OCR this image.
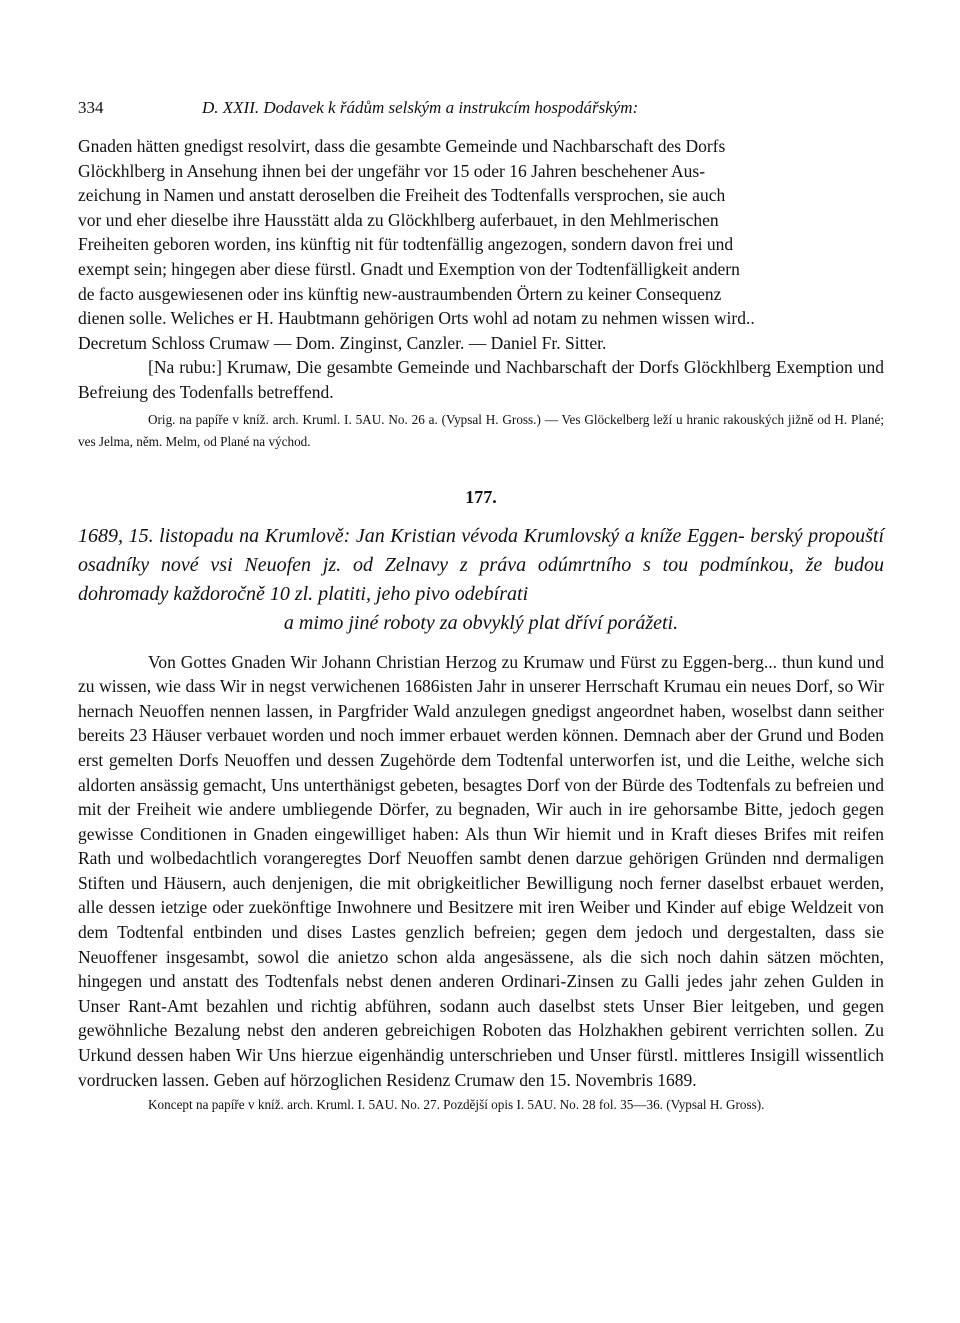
334	D. XXII. Dodavek k řádům selským a instrukcím hospodářským:

Gnaden hätten gnedigst resolvirt, dass die gesambte Gemeinde und Nachbarschaft des Dorfs

Glöckhlberg in Ansehung ihnen bei der ungefähr vor 15 oder 16 Jahren beschehener Aus-

zeichung in Namen und anstatt deroselben die Freiheit des Todtenfalls versprochen, sie auch

vor und eher dieselbe ihre Hausstätt alda zu Glöckhlberg auferbauet, in den Mehlmerischen

Freiheiten geboren worden, ins künftig nit für todtenfällig angezogen, sondern davon frei und

exempt sein; hingegen aber diese fürstl. Gnadt und Exemption von der Todtenfälligkeit andern

de facto ausgewiesenen oder ins künftig new-austraumbenden Örtern zu keiner Consequenz

dienen solle. Weliches er H. Haubtmann gehörigen Orts wohl ad notam zu nehmen wissen wird..

Decretum Schloss Crumaw — Dom. Zinginst, Canzler. — Daniel Fr. Sitter.

[Na rubu:] Krumaw, Die gesambte Gemeinde und Nachbarschaft der Dorfs Glöckhlberg Exemption und Befreiung des Todenfalls betreffend.

Orig. na papíře v kníž. arch. Kruml. I. 5AU. No. 26 a. (Vypsal H. Gross.) — Ves Glöckelberg leží u hranic rakouských jižně od H. Plané; ves Jelma, něm. Melm, od Plané na východ.

177.
1689, 15. listopadu na Krumlově: Jan Kristian vévoda Krumlovský a kníže Eggen- berský propouští osadníky nové vsi Neuofen jz. od Zelnavy z práva odúmrtního s tou podmínkou, že budou dohromady každoročně 10 zl. platiti, jeho pivo odebírati
a mimo jiné roboty za obvyklý plat dříví porážeti.

Von Gottes Gnaden Wir Johann Christian Herzog zu Krumaw und Fürst zu Eggen-berg... thun kund und zu wissen, wie dass Wir in negst verwichenen 1686isten Jahr in unserer Herrschaft Krumau ein neues Dorf, so Wir hernach Neuoffen nennen lassen, in Pargfrider Wald anzulegen gnedigst angeordnet haben, woselbst dann seither bereits 23 Häuser verbauet worden und noch immer erbauet werden können. Demnach aber der Grund und Boden erst gemelten Dorfs Neuoffen und dessen Zugehörde dem Todtenfal unterworfen ist, und die Leithe, welche sich aldorten ansässig gemacht, Uns unterthänigst gebeten, besagtes Dorf von der Bürde des Todtenfals zu befreien und mit der Freiheit wie andere umbliegende Dörfer, zu begnaden, Wir auch in ire gehorsambe Bitte, jedoch gegen gewisse Conditionen in Gnaden eingewilliget haben: Als thun Wir hiemit und in Kraft dieses Brifes mit reifen Rath und wolbedachtlich vorangeregtes Dorf Neuoffen sambt denen darzue gehörigen Gründen nnd dermaligen Stiften und Häusern, auch denjenigen, die mit obrigkeitlicher Bewilligung noch ferner daselbst erbauet werden, alle dessen ietzige oder zuekönftige Inwohnere und Besitzere mit iren Weiber und Kinder auf ebige Weldzeit von dem Todtenfal entbinden und dises Lastes genzlich befreien; gegen dem jedoch und dergestalten, dass sie Neuoffener insgesambt, sowol die anietzo schon alda angesässene, als die sich noch dahin sätzen möchten, hingegen und anstatt des Todtenfals nebst denen anderen Ordinari-Zinsen zu Galli jedes jahr zehen Gulden in Unser Rant-Amt bezahlen und richtig abführen, sodann auch daselbst stets Unser Bier leitgeben, und gegen gewöhnliche Bezalung nebst den anderen gebreichigen Roboten das Holzhakhen gebirent verrichten sollen. Zu Urkund dessen haben Wir Uns hierzue eigenhändig unterschrieben und Unser fürstl. mittleres Insigill wissentlich vordrucken lassen. Geben auf hörzoglichen Residenz Crumaw den 15. Novembris 1689.

Koncept na papíře v kníž. arch. Kruml. I. 5AU. No. 27. Pozdější opis I. 5AU. No. 28 fol. 35—36. (Vypsal H. Gross).
